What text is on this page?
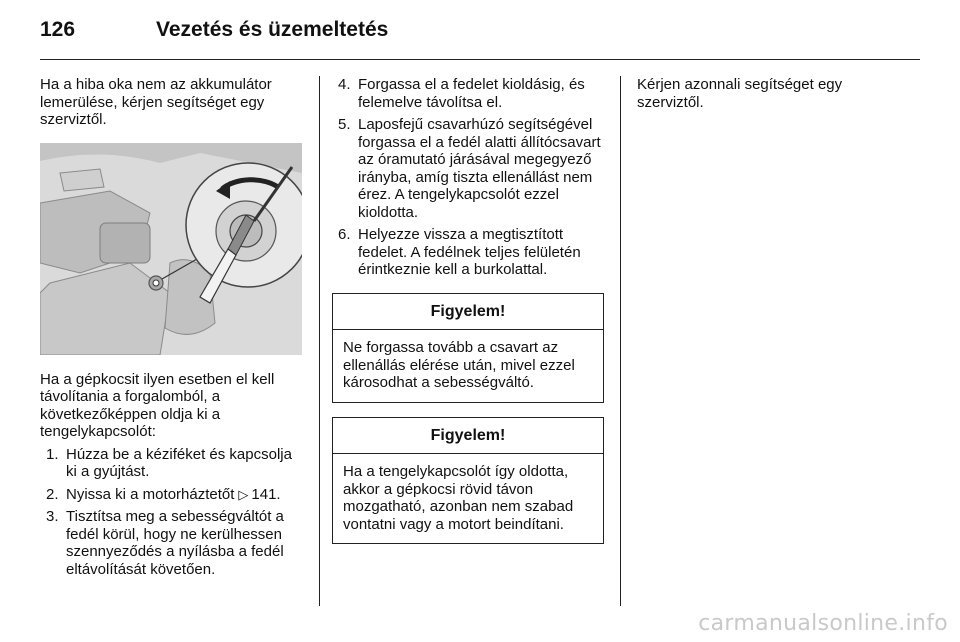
126	Vezetés és üzemeltetés

Ha a hiba oka nem az akkumulátor lemerülése, kérjen segítséget egy szerviztől.

Ha a gépkocsit ilyen esetben el kell távolítania a forgalomból, a következőképpen oldja ki a tengelykapcsolót:

1. Húzza be a kéziféket és kapcsolja ki a gyújtást.
2. Nyissa ki a motorháztetőt ▷ 141.
3. Tisztítsa meg a sebességváltót a fedél körül, hogy ne kerülhessen szennyeződés a nyílásba a fedél eltávolítását követően.
4. Forgassa el a fedelet kioldásig, és felemelve távolítsa el.
5. Laposfejű csavarhúzó segítségével forgassa el a fedél alatti állítócsavart az óramutató járásával megegyező irányba, amíg tiszta ellenállást nem érez. A tengelykapcsolót ezzel kioldotta.
6. Helyezze vissza a megtisztított fedelet. A fedélnek teljes felületén érintkeznie kell a burkolattal.
Figyelem!
Ne forgassa tovább a csavart az ellenállás elérése után, mivel ezzel károsodhat a sebességváltó.
Figyelem!
Ha a tengelykapcsolót így oldotta, akkor a gépkocsi rövid távon mozgatható, azonban nem szabad vontatni vagy a motort beindítani.

Kérjen azonnali segítséget egy szerviztől.

carmanualsonline.info
